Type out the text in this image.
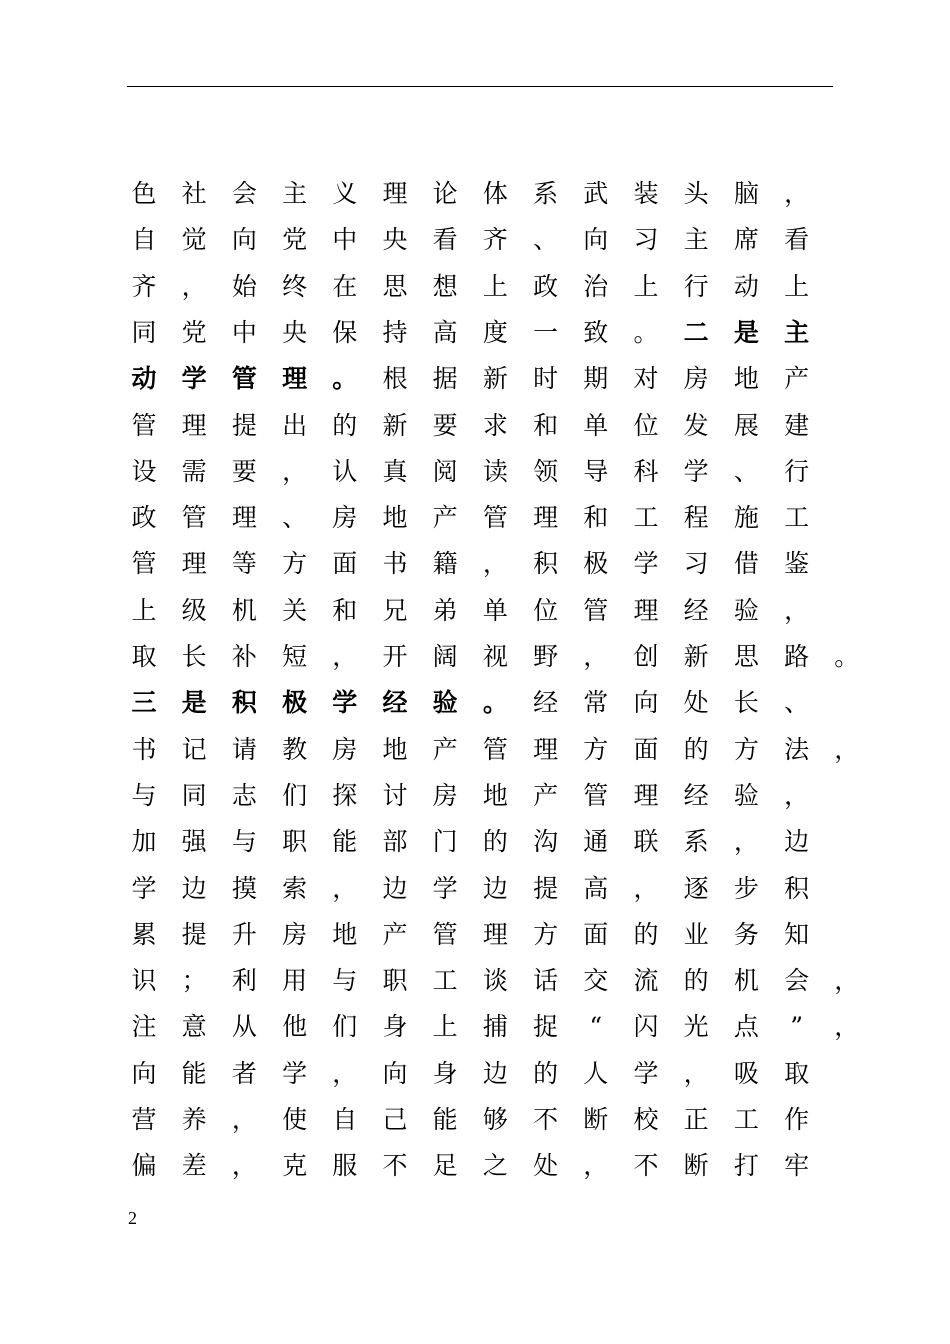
色 社 会 主 义 理 论 体 系 武 装 头 脑 ，
自 觉 向 党 中 央 看 齐 、 向 习 主 席 看
齐 ， 始 终 在 思 想 上 政 治 上 行 动 上
同 党 中 央 保 持 高 度 一 致 。 二 是 主
动 学 管 理 。 根 据 新 时 期 对 房 地 产
管 理 提 出 的 新 要 求 和 单 位 发 展 建
设 需 要 ， 认 真 阅 读 领 导 科 学 、 行
政 管 理 、 房 地 产 管 理 和 工 程 施 工
管 理 等 方 面 书 籍 ， 积 极 学 习 借 鉴
上 级 机 关 和 兄 弟 单 位 管 理 经 验 ，
取 长 补 短 ， 开 阔 视 野 ， 创 新 思 路 。
三 是 积 极 学 经 验 。 经 常 向 处 长 、
书 记 请 教 房 地 产 管 理 方 面 的 方 法 ，
与 同 志 们 探 讨 房 地 产 管 理 经 验 ，
加 强 与 职 能 部 门 的 沟 通 联 系 ， 边
学 边 摸 索 ， 边 学 边 提 高 ， 逐 步 积
累 提 升 房 地 产 管 理 方 面 的 业 务 知
识 ； 利 用 与 职 工 谈 话 交 流 的 机 会 ，
注 意 从 他 们 身 上 捕 捉	“	闪 光 点	”	，
向 能 者 学 ， 向 身 边 的 人 学 ， 吸 取
营 养 ， 使 自 己 能 够 不 断 校 正 工 作
偏 差 ， 克 服 不 足 之 处 ， 不 断 打 牢
2
